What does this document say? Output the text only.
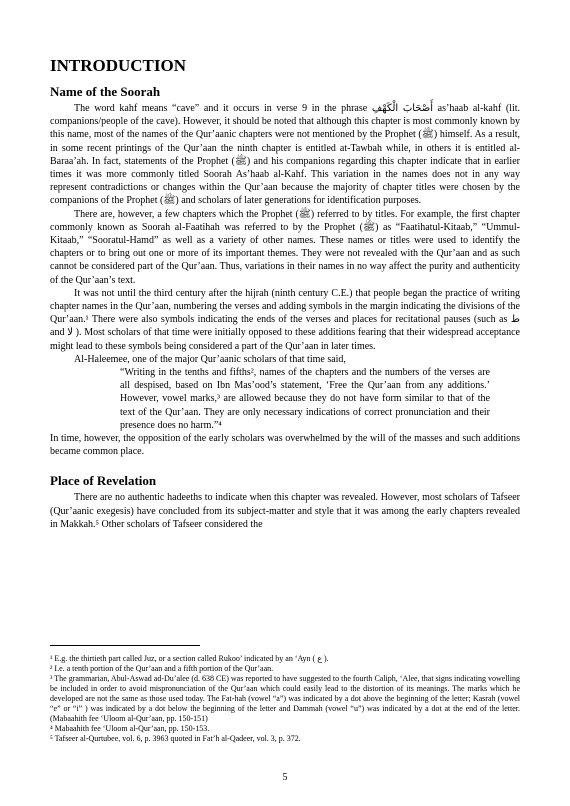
INTRODUCTION
Name of the Soorah

The word kahf means “cave” and it occurs in verse 9 in the phrase أَصْحَابَ الْكَهْفِ as’haab al-kahf (lit. companions/people of the cave). However, it should be noted that although this chapter is most commonly known by this name, most of the names of the Qur’aanic chapters were not mentioned by the Prophet (ﷺ) himself. As a result, in some recent printings of the Qur’aan the ninth chapter is entitled at-Tawbah while, in others it is entitled al-Baraa’ah. In fact, statements of the Prophet (ﷺ) and his companions regarding this chapter indicate that in earlier times it was more commonly titled Soorah As’haab al-Kahf. This variation in the names does not in any way represent contradictions or changes within the Qur’aan because the majority of chapter titles were chosen by the companions of the Prophet (ﷺ) and scholars of later generations for identification purposes.

There are, however, a few chapters which the Prophet (ﷺ) referred to by titles. For example, the first chapter commonly known as Soorah al-Faatihah was referred to by the Prophet (ﷺ) as “Faatihatul-Kitaab,” “Ummul-Kitaab,” “Sooratul-Hamd” as well as a variety of other names. These names or titles were used to identify the chapters or to bring out one or more of its important themes. They were not revealed with the Qur’aan and as such cannot be considered part of the Qur’aan. Thus, variations in their names in no way affect the purity and authenticity of the Qur’aan’s text.

It was not until the third century after the hijrah (ninth century C.E.) that people began the practice of writing chapter names in the Qur’aan, numbering the verses and adding symbols in the margin indicating the divisions of the Qur’aan.¹ There were also symbols indicating the ends of the verses and places for recitational pauses (such as ط and لا ). Most scholars of that time were initially opposed to these additions fearing that their widespread acceptance might lead to these symbols being considered a part of the Qur’aan in later times.

Al-Haleemee, one of the major Qur’aanic scholars of that time said,
“Writing in the tenths and fifths², names of the chapters and the numbers of the verses are all despised, based on Ibn Mas’ood’s statement, ‘Free the Qur’aan from any additions.’ However, vowel marks,³ are allowed because they do not have form similar to that of the text of the Qur’aan. They are only necessary indications of correct pronunciation and their presence does no harm.”⁴

In time, however, the opposition of the early scholars was overwhelmed by the will of the masses and such additions became common place.

Place of Revelation

There are no authentic hadeeths to indicate when this chapter was revealed. However, most scholars of Tafseer (Qur’aanic exegesis) have concluded from its subject-matter and style that it was among the early chapters revealed in Makkah.⁵ Other scholars of Tafseer considered the

¹ E.g. the thirtieth part called Juz, or a section called Rukoo’ indicated by an ‘Ayn ( ع ).
² I.e. a tenth portion of the Qur’aan and a fifth portion of the Qur’aan.
³ The grammarian, Abul-Aswad ad-Du’alee (d. 638 CE) was reported to have suggested to the fourth Caliph, ‘Alee, that signs indicating vowelling be included in order to avoid mispronunciation of the Qur’aan which could easily lead to the distortion of its meanings. The marks which he developed are not the same as those used today. The Fat-hah (vowel “a”) was indicated by a dot above the beginning of the letter; Kasrah (vowel “e” or “i” ) was indicated by a dot below the beginning of the letter and Dammah (vowel “u”) was indicated by a dot at the end of the letter. (Mabaahith fee ‘Uloom al-Qur’aan, pp. 150-151)
⁴ Mabaahith fee ‘Uloom al-Qur’aan, pp. 150-153.
⁵ Tafseer al-Qurtubee, vol. 6, p. 3963 quoted in Fat’h al-Qadeer, vol. 3, p. 372.
5
